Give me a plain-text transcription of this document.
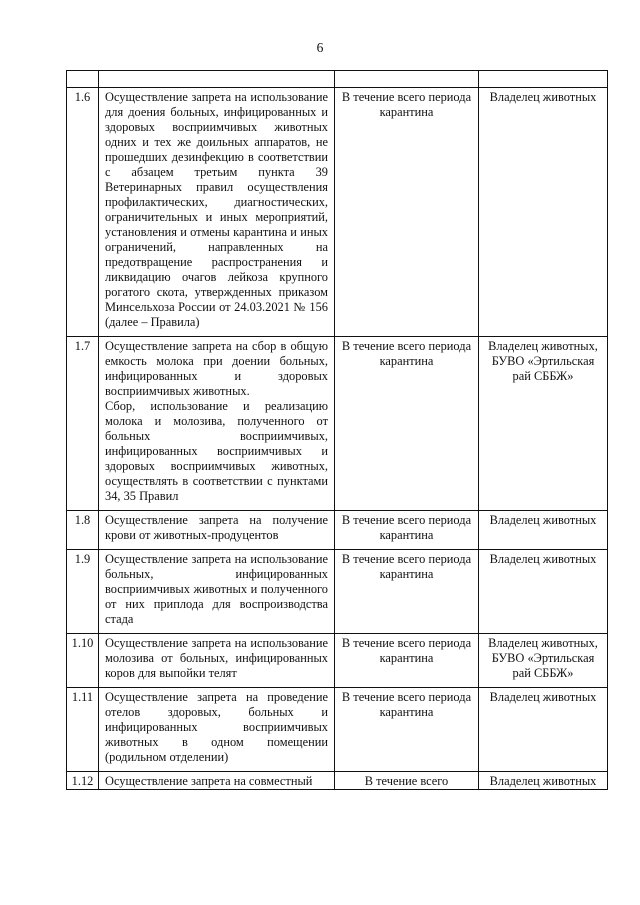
6

1.6	Осуществление запрета на использование для доения больных, инфицированных и здоровых восприимчивых животных одних и тех же доильных аппаратов, не прошедших дезинфекцию в соответствии с абзацем третьим пункта 39 Ветеринарных правил осуществления профилактических, диагностических, ограничительных и иных мероприятий, установления и отмены карантина и иных ограничений, направленных на предотвращение распространения и ликвидацию очагов лейкоза крупного рогатого скота, утвержденных приказом Минсельхоза России от 24.03.2021 № 156 (далее – Правила)	В течение всего периода карантина	Владелец животных
1.7	Осуществление запрета на сбор в общую емкость молока при доении больных, инфицированных и здоровых восприимчивых животных.
Сбор, использование и реализацию молока и молозива, полученного от больных восприимчивых, инфицированных восприимчивых и здоровых восприимчивых животных, осуществлять в соответствии с пунктами 34, 35 Правил	В течение всего периода карантина	Владелец животных, БУВО «Эртильская рай СББЖ»
1.8	Осуществление запрета на получение крови от животных-продуцентов	В течение всего периода карантина	Владелец животных
1.9	Осуществление запрета на использование больных, инфицированных восприимчивых животных и полученного от них приплода для воспроизводства стада	В течение всего периода карантина	Владелец животных
1.10	Осуществление запрета на использование молозива от больных, инфицированных коров для выпойки телят	В течение всего периода карантина	Владелец животных, БУВО «Эртильская рай СББЖ»
1.11	Осуществление запрета на проведение отелов здоровых, больных и инфицированных восприимчивых животных в одном помещении (родильном отделении)	В течение всего периода карантина	Владелец животных
1.12	Осуществление запрета на совместный	В течение всего	Владелец животных
